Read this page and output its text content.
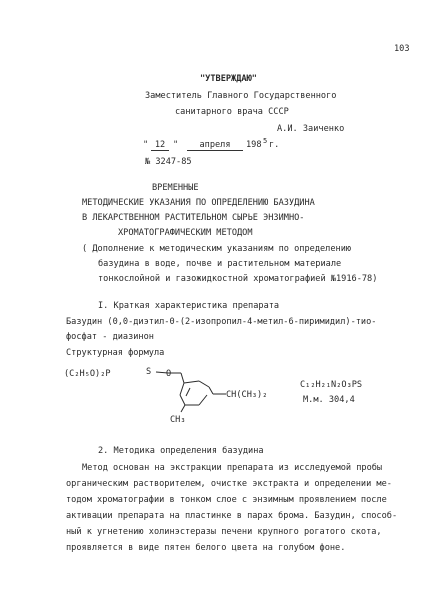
103
"УТВЕРЖДАЮ"
Заместитель Главного Государственного
санитарного врача СССР
А.И. Заиченко
" 12 "	апреля	198 5 г.
№ 3247-85
ВРЕМЕННЫЕ
МЕТОДИЧЕСКИЕ УКАЗАНИЯ ПО ОПРЕДЕЛЕНИЮ БАЗУДИНА
В ЛЕКАРСТВЕННОМ РАСТИТЕЛЬНОМ СЫРЬЕ ЭНЗИМНО-
ХРОМАТОГРАФИЧЕСКИМ МЕТОДОМ
( Дополнение к методическим указаниям по определению
базудина в воде, почве и растительном материале
тонкослойной и газожидкостной хроматографией №1916-78)
I. Краткая характеристика препарата
Базудин (0,0-диэтил-0-(2-изопропил-4-метил-6-пиримидил)-тио-
фосфат - диазинон
Структурная формула
(C₂H₅O)₂P	S O
CH(CH₃)₂
CH₃
C₁₂H₂₁N₂O₃PS
М.м. 304,4
2. Методика определения базудина
Метод основан на экстракции препарата из исследуемой пробы
органическим растворителем, очистке экстракта и определении ме-
тодом хроматографии в тонком слое с энзимным проявлением после
активации препарата на пластинке в парах брома. Базудин, способ-
ный к угнетению холинэстеразы печени крупного рогатого скота,
проявляется в виде пятен белого цвета на голубом фоне.
